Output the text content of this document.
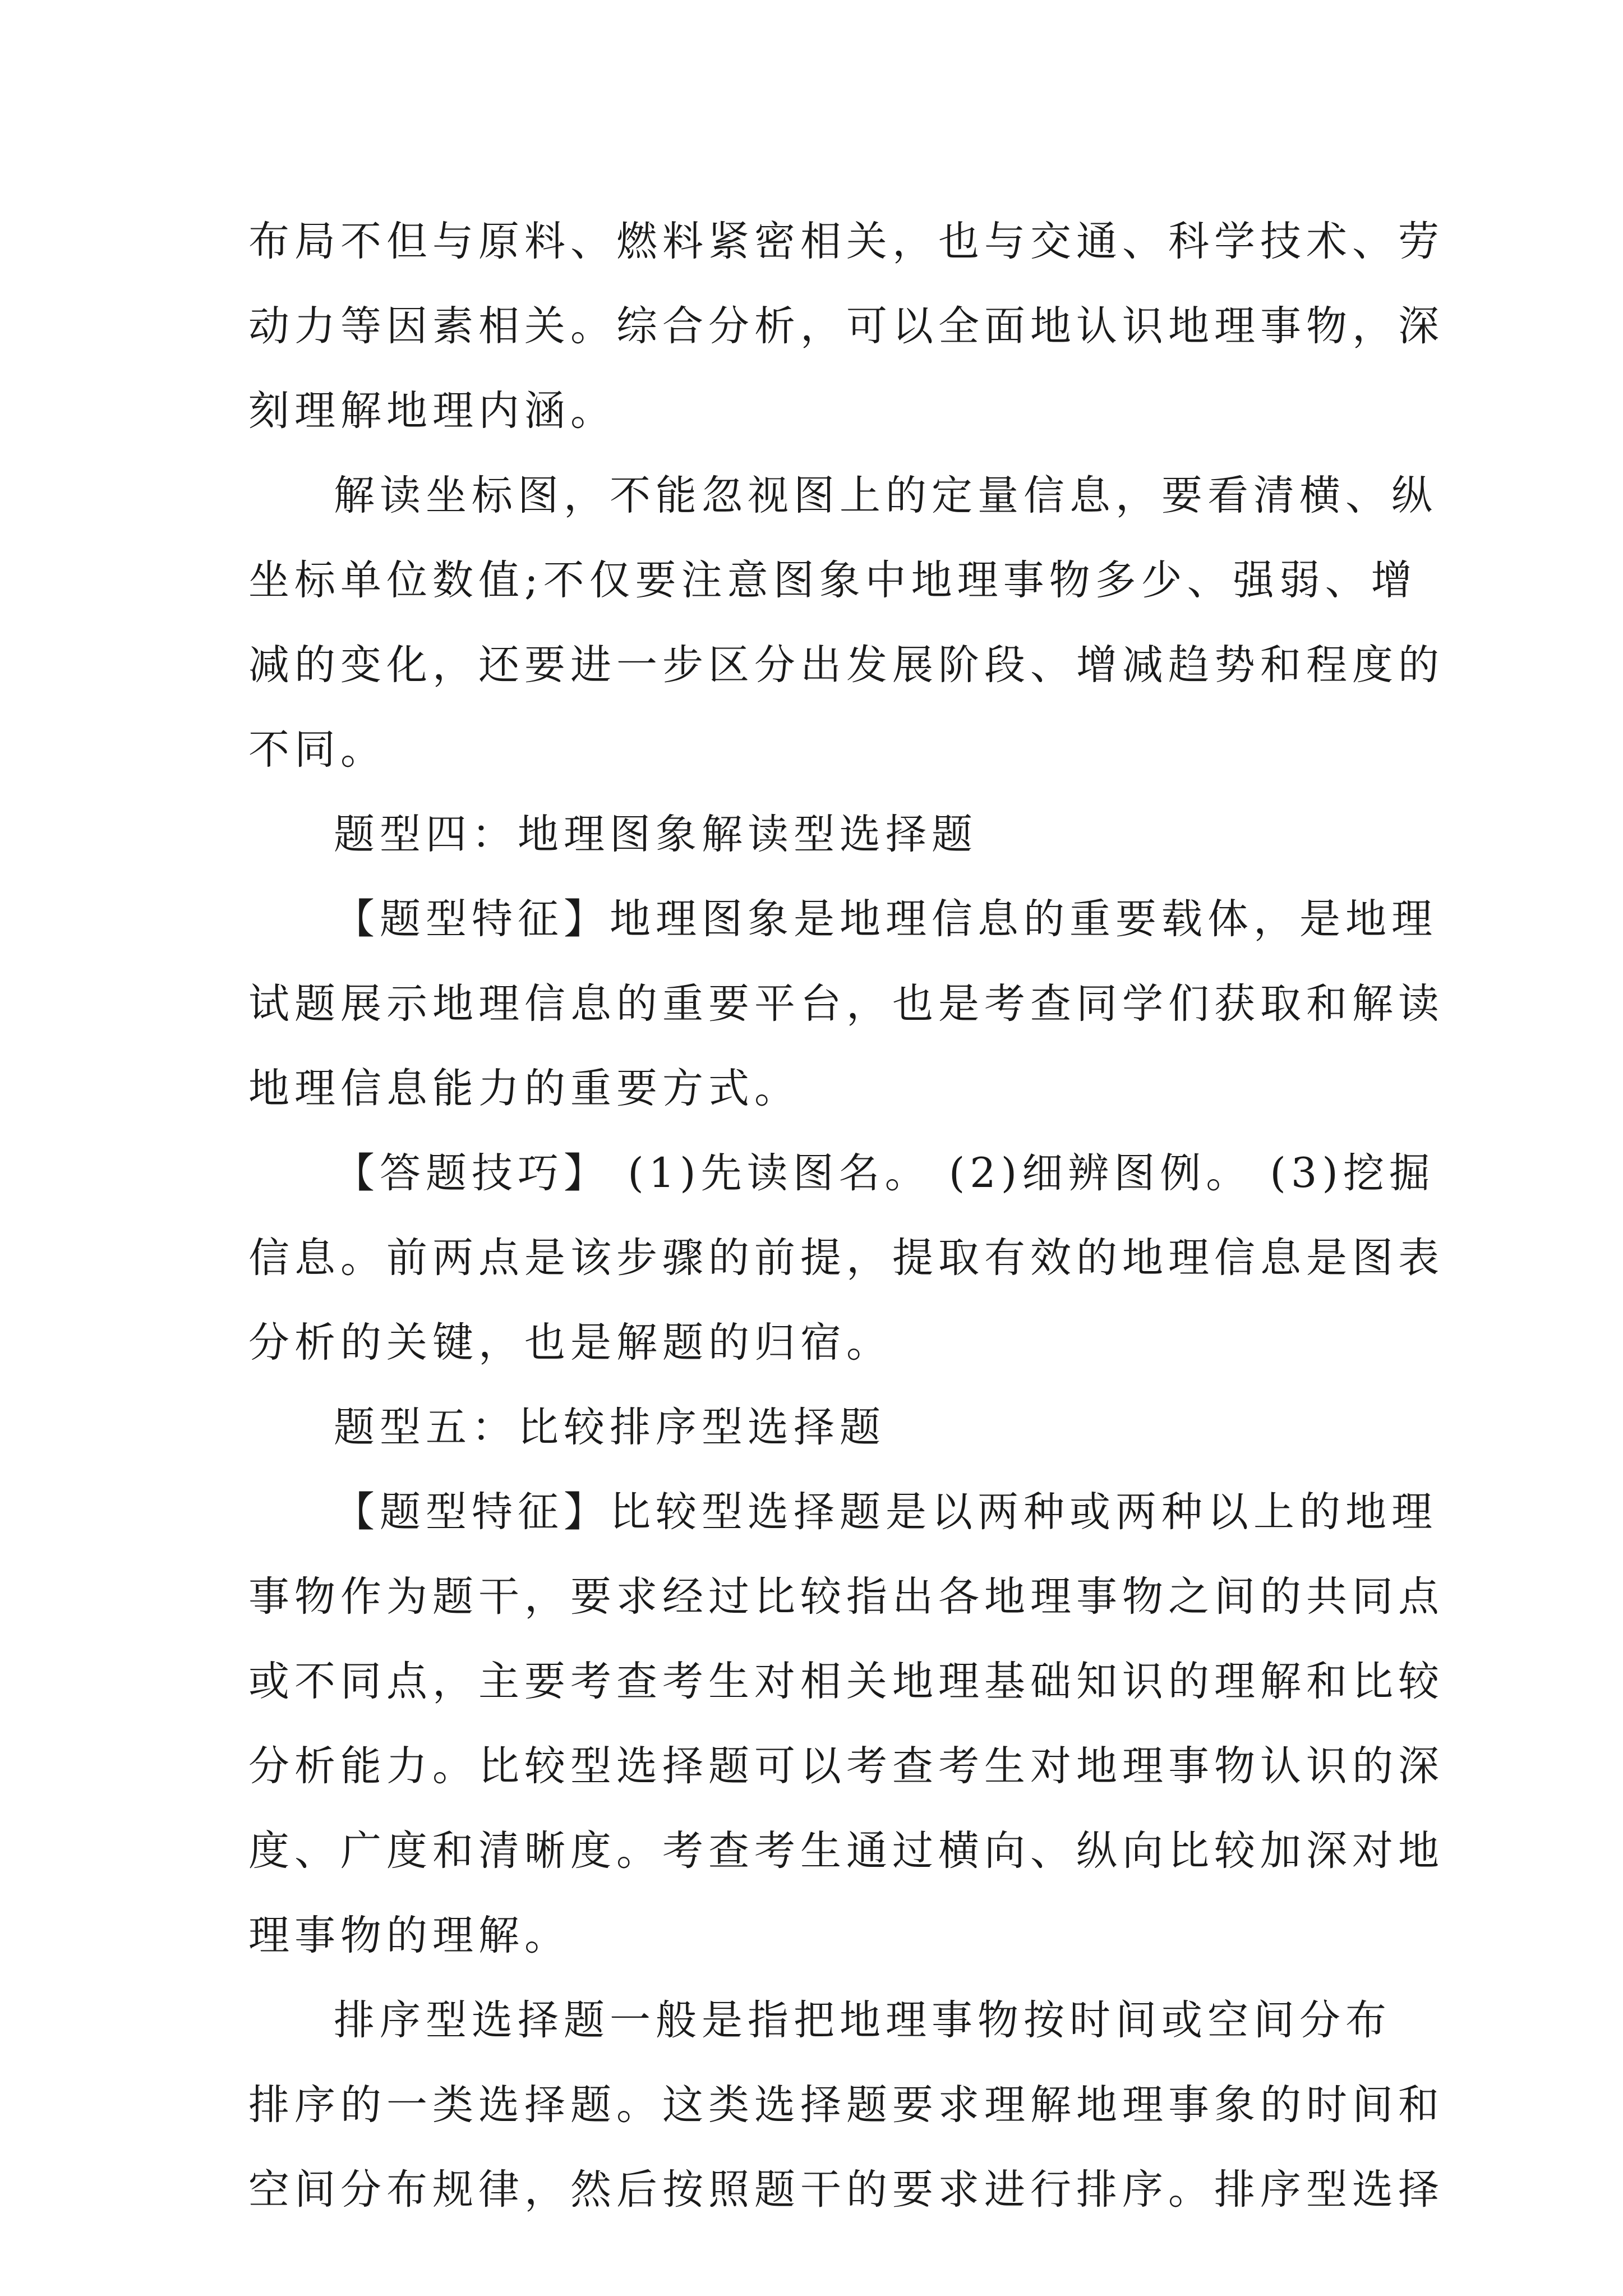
布局不但与原料、燃料紧密相关，也与交通、科学技术、劳
动力等因素相关。综合分析，可以全面地认识地理事物，深
刻理解地理内涵。
解读坐标图，不能忽视图上的定量信息，要看清横、纵
坐标单位数值;不仅要注意图象中地理事物多少、强弱、增
减的变化，还要进一步区分出发展阶段、增减趋势和程度的
不同。
题型四：地理图象解读型选择题
【题型特征】地理图象是地理信息的重要载体，是地理
试题展示地理信息的重要平台，也是考查同学们获取和解读
地理信息能力的重要方式。
【答题技巧】 (1)先读图名。 (2)细辨图例。 (3)挖掘
信息。前两点是该步骤的前提，提取有效的地理信息是图表
分析的关键，也是解题的归宿。
题型五：比较排序型选择题
【题型特征】比较型选择题是以两种或两种以上的地理
事物作为题干，要求经过比较指出各地理事物之间的共同点
或不同点，主要考查考生对相关地理基础知识的理解和比较
分析能力。比较型选择题可以考查考生对地理事物认识的深
度、广度和清晰度。考查考生通过横向、纵向比较加深对地
理事物的理解。
排序型选择题一般是指把地理事物按时间或空间分布
排序的一类选择题。这类选择题要求理解地理事象的时间和
空间分布规律，然后按照题干的要求进行排序。排序型选择
